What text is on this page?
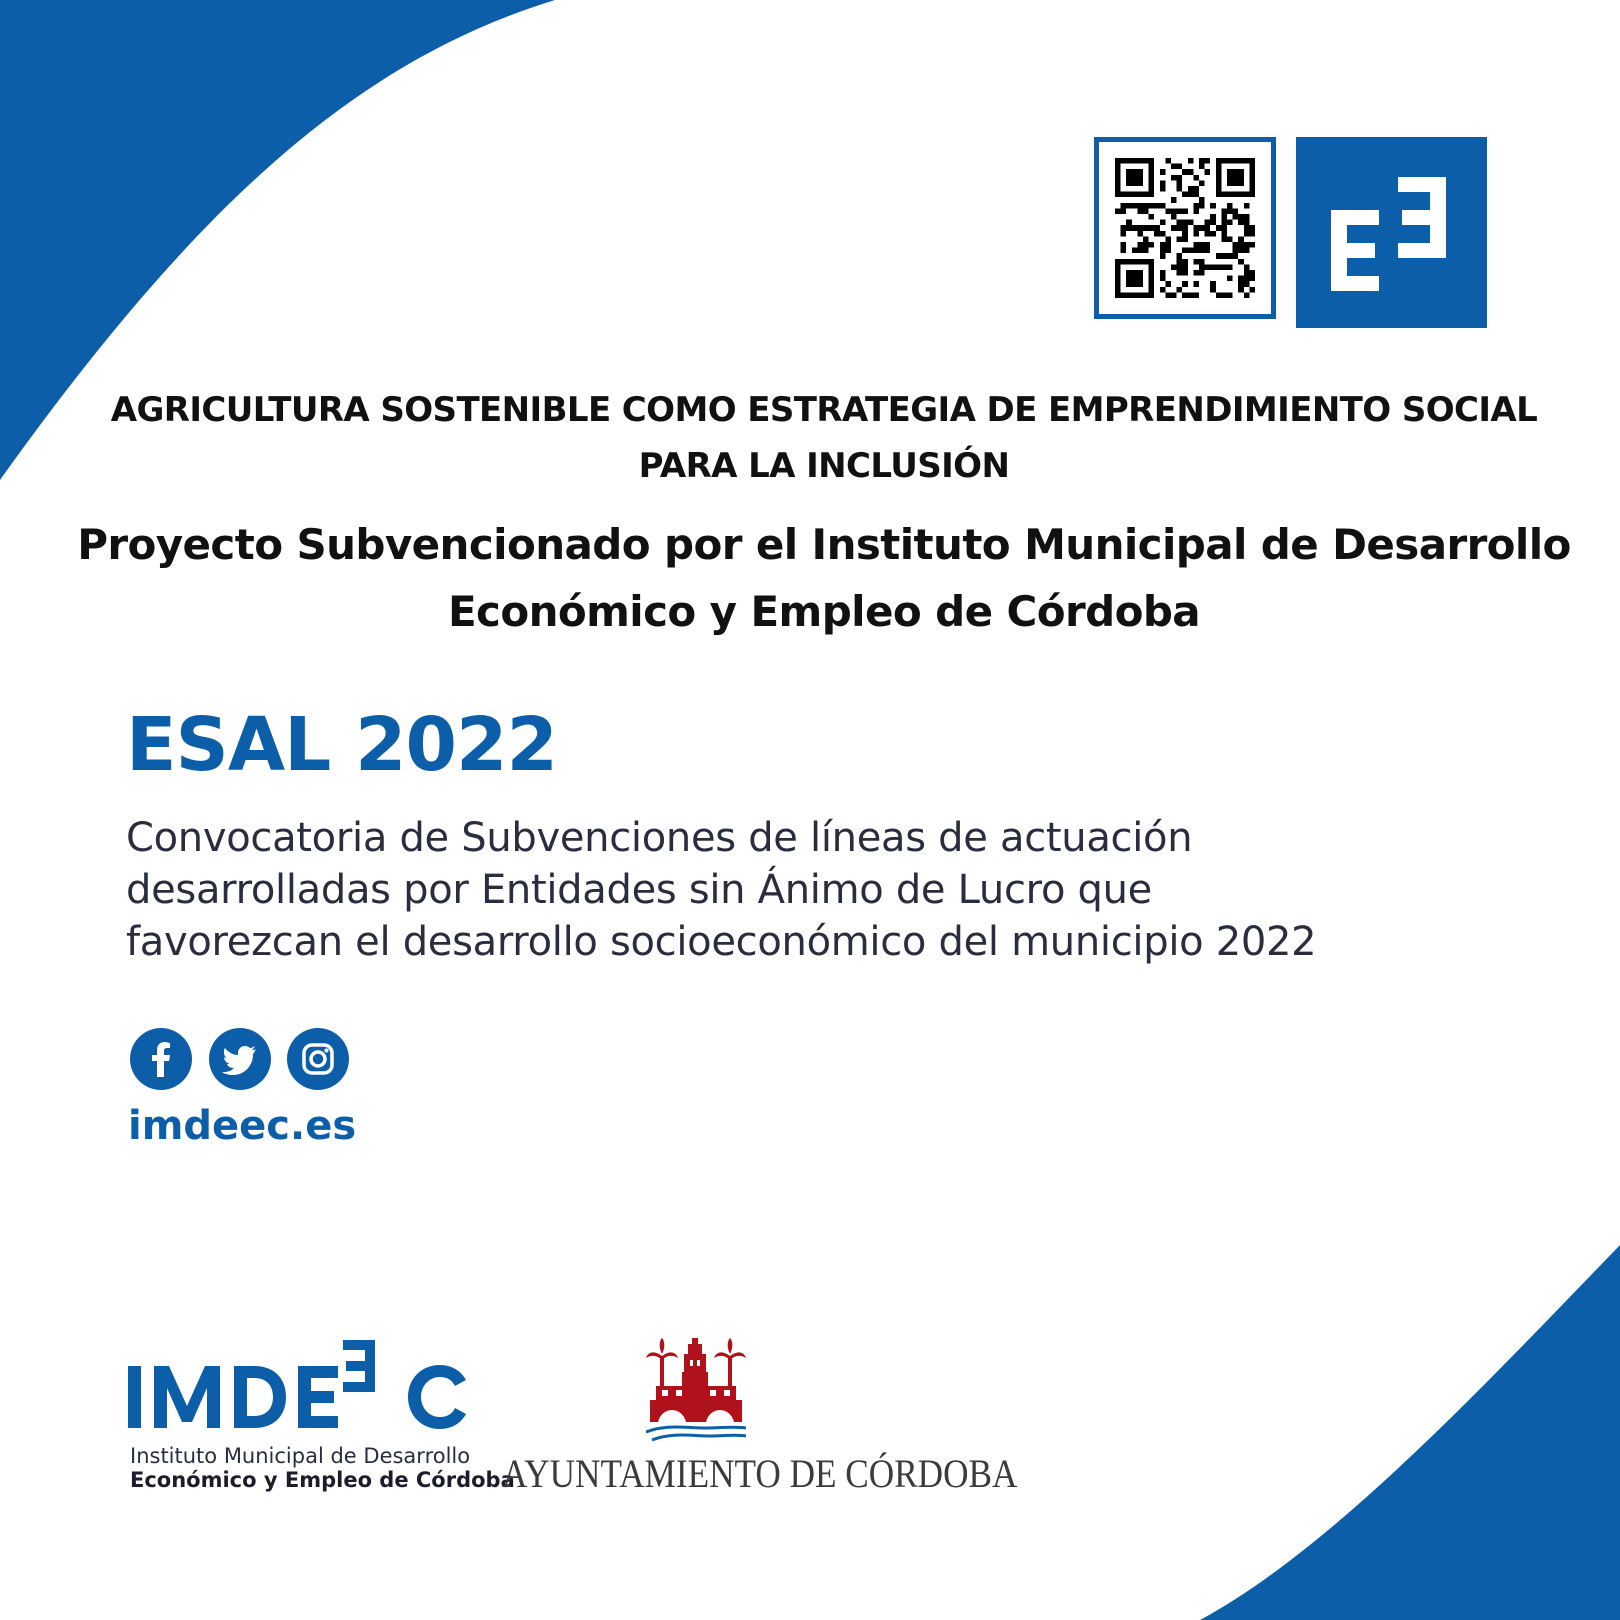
AGRICULTURA SOSTENIBLE COMO ESTRATEGIA DE EMPRENDIMIENTO SOCIAL
PARA LA INCLUSIÓN
Proyecto Subvencionado por el Instituto Municipal de Desarrollo
Económico y Empleo de Córdoba
ESAL 2022
Convocatoria de Subvenciones de líneas de actuación
desarrolladas por Entidades sin Ánimo de Lucro que
favorezcan el desarrollo socioeconómico del municipio 2022
imdeec.es
Instituto Municipal de Desarrollo
Económico y Empleo de Córdoba
AYUNTAMIENTO DE CÓRDOBA
